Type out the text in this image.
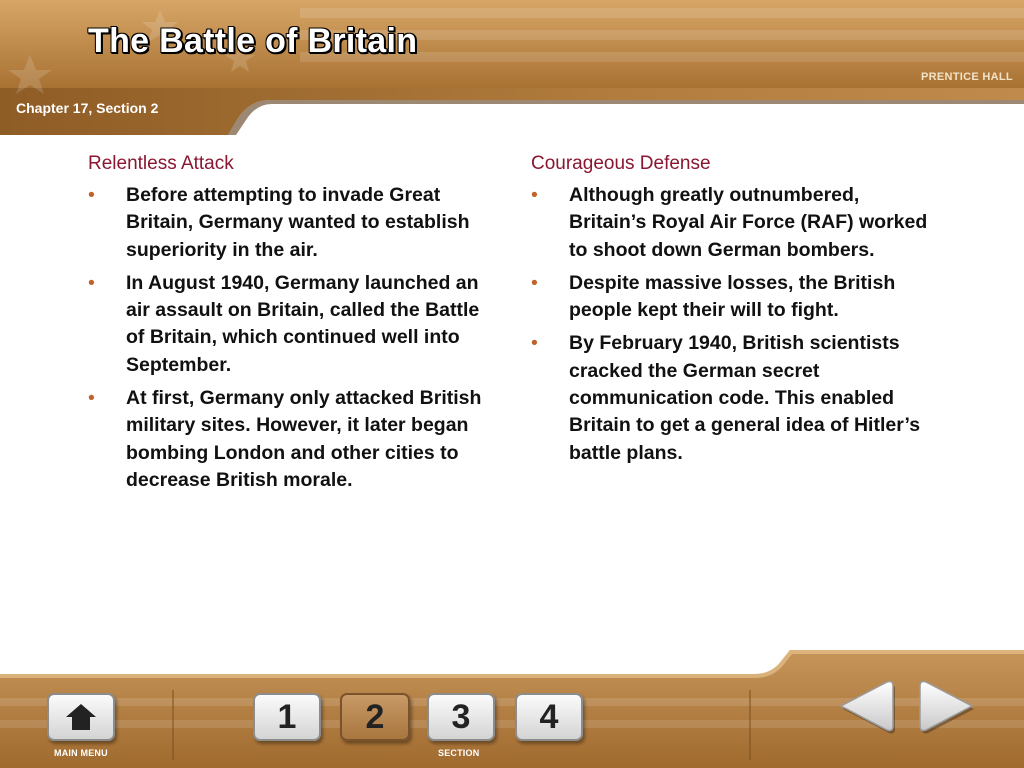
The Battle of Britain
PRENTICE HALL
Chapter 17, Section 2
Relentless Attack
• Before attempting to invade Great Britain, Germany wanted to establish superiority in the air.
• In August 1940, Germany launched an air assault on Britain, called the Battle of Britain, which continued well into September.
• At first, Germany only attacked British military sites. However, it later began bombing London and other cities to decrease British morale.
Courageous Defense
• Although greatly outnumbered, Britain’s Royal Air Force (RAF) worked to shoot down German bombers.
• Despite massive losses, the British people kept their will to fight.
• By February 1940, British scientists cracked the German secret communication code. This enabled Britain to get a general idea of Hitler’s battle plans.
MAIN MENU
1	2	3	4
SECTION
